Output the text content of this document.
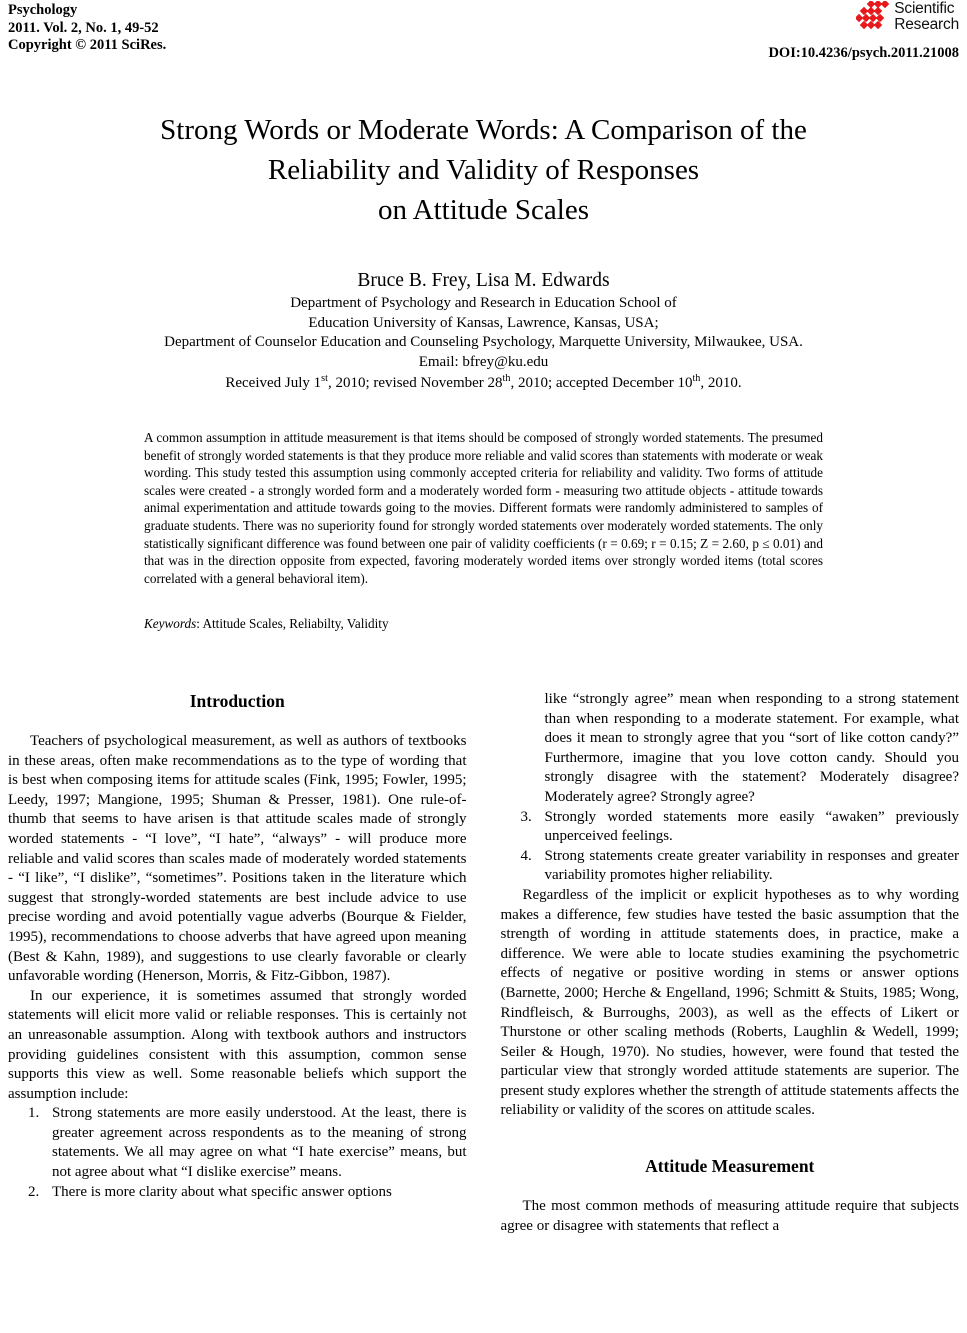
Psychology
2011. Vol. 2, No. 1, 49-52
Copyright © 2011 SciRes.
Scientific
Research
DOI:10.4236/psych.2011.21008
Strong Words or Moderate Words: A Comparison of the
Reliability and Validity of Responses
on Attitude Scales
Bruce B. Frey, Lisa M. Edwards
Department of Psychology and Research in Education School of
Education University of Kansas, Lawrence, Kansas, USA;
Department of Counselor Education and Counseling Psychology, Marquette University, Milwaukee, USA.
Email: bfrey@ku.edu
Received July 1st, 2010; revised November 28th, 2010; accepted December 10th, 2010.
A common assumption in attitude measurement is that items should be composed of strongly worded statements. The presumed benefit of strongly worded statements is that they produce more reliable and valid scores than statements with moderate or weak wording. This study tested this assumption using commonly accepted criteria for reliability and validity. Two forms of attitude scales were created - a strongly worded form and a moderately worded form - measuring two attitude objects - attitude towards animal experimentation and attitude towards going to the movies. Different formats were randomly administered to samples of graduate students. There was no superiority found for strongly worded statements over moderately worded statements. The only statistically significant difference was found between one pair of validity coefficients (r = 0.69; r = 0.15; Z = 2.60, p ≤ 0.01) and that was in the direction opposite from expected, favoring moderately worded items over strongly worded items (total scores correlated with a general behavioral item).
Keywords: Attitude Scales, Reliabilty, Validity
Introduction

Teachers of psychological measurement, as well as authors of textbooks in these areas, often make recommendations as to the type of wording that is best when composing items for attitude scales (Fink, 1995; Fowler, 1995; Leedy, 1997; Mangione, 1995; Shuman & Presser, 1981). One rule-of-thumb that seems to have arisen is that attitude scales made of strongly worded statements - “I love”, “I hate”, “always” - will produce more reliable and valid scores than scales made of moderately worded statements - “I like”, “I dislike”, “sometimes”. Positions taken in the literature which suggest that strongly-worded statements are best include advice to use precise wording and avoid potentially vague adverbs (Bourque & Fielder, 1995), recommendations to choose adverbs that have agreed upon meaning (Best & Kahn, 1989), and suggestions to use clearly favorable or clearly unfavorable wording (Henerson, Morris, & Fitz-Gibbon, 1987).

In our experience, it is sometimes assumed that strongly worded statements will elicit more valid or reliable responses. This is certainly not an unreasonable assumption. Along with textbook authors and instructors providing guidelines consistent with this assumption, common sense supports this view as well. Some reasonable beliefs which support the assumption include:

1. Strong statements are more easily understood. At the least, there is greater agreement across respondents as to the meaning of strong statements. We all may agree on what “I hate exercise” means, but not agree about what “I dislike exercise” means.
2. There is more clarity about what specific answer options
like “strongly agree” mean when responding to a strong statement than when responding to a moderate statement. For example, what does it mean to strongly agree that you “sort of like cotton candy?” Furthermore, imagine that you love cotton candy. Should you strongly disagree with the statement? Moderately disagree? Moderately agree? Strongly agree?
3. Strongly worded statements more easily “awaken” previously unperceived feelings.
4. Strong statements create greater variability in responses and greater variability promotes higher reliability.

Regardless of the implicit or explicit hypotheses as to why wording makes a difference, few studies have tested the basic assumption that the strength of wording in attitude statements does, in practice, make a difference. We were able to locate studies examining the psychometric effects of negative or positive wording in stems or answer options (Barnette, 2000; Herche & Engelland, 1996; Schmitt & Stuits, 1985; Wong, Rindfleisch, & Burroughs, 2003), as well as the effects of Likert or Thurstone or other scaling methods (Roberts, Laughlin & Wedell, 1999; Seiler & Hough, 1970). No studies, however, were found that tested the particular view that strongly worded attitude statements are superior. The present study explores whether the strength of attitude statements affects the reliability or validity of the scores on attitude scales.

Attitude Measurement

The most common methods of measuring attitude require that subjects agree or disagree with statements that reflect a
